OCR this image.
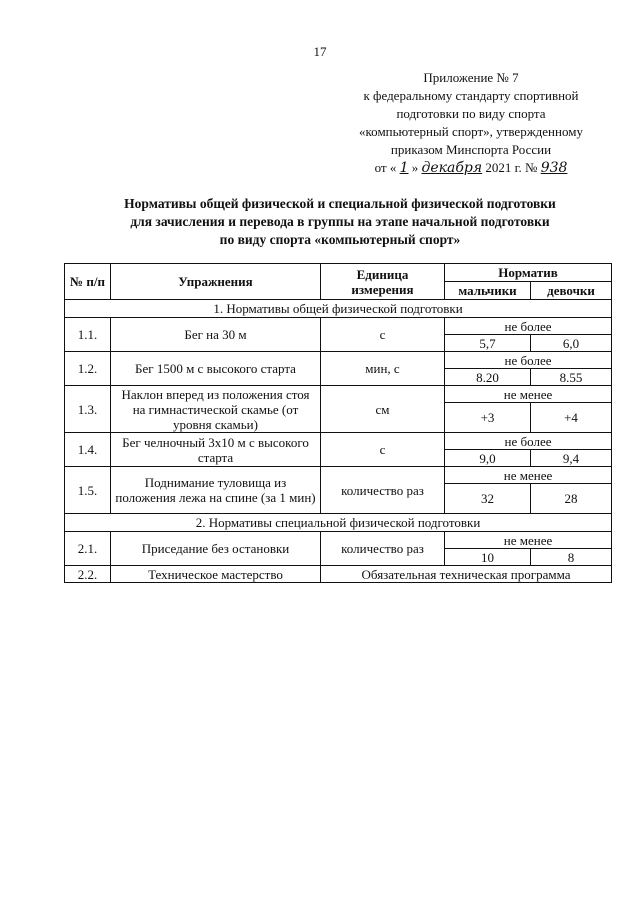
17
Приложение № 7
к федеральному стандарту спортивной
подготовки по виду спорта
«компьютерный спорт», утвержденному
приказом Минспорта России
от « 1 » декабря 2021 г. № 938
Нормативы общей физической и специальной физической подготовки
для зачисления и перевода в группы на этапе начальной подготовки
по виду спорта «компьютерный спорт»
№ п/п	Упражнения	Единица измерения	Норматив	
			мальчики	девочки
1. Нормативы общей физической подготовки				
1.1.	Бег на 30 м	с	не более	
			5,7	6,0
1.2.	Бег 1500 м с высокого старта	мин, с	не более	
			8.20	8.55
1.3.	Наклон вперед из положения стоя на гимнастической скамье (от уровня скамьи)	см	не менее	
			+3	+4
1.4.	Бег челночный 3х10 м с высокого старта	с	не более	
			9,0	9,4
1.5.	Поднимание туловища из положения лежа на спине (за 1 мин)	количество раз	не менее	
			32	28
2. Нормативы специальной физической подготовки				
2.1.	Приседание без остановки	количество раз	не менее	
			10	8
2.2.	Техническое мастерство	Обязательная техническая программа		
